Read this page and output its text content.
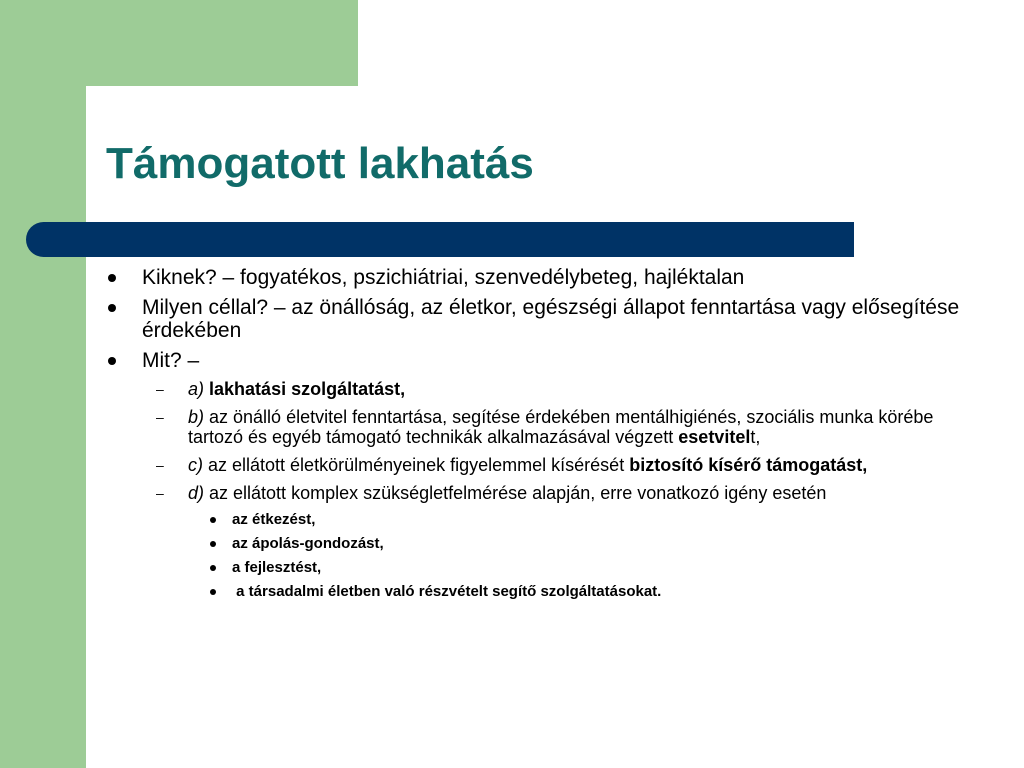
Támogatott lakhatás
Kiknek? – fogyatékos, pszichiátriai, szenvedélybeteg, hajléktalan
Milyen céllal? – az önállóság, az életkor, egészségi állapot fenntartása vagy elősegítése érdekében
Mit? –
– a) lakhatási szolgáltatást,
– b) az önálló életvitel fenntartása, segítése érdekében mentálhigiénés, szociális munka körébe tartozó és egyéb támogató technikák alkalmazásával végzett esetvitelt,
– c) az ellátott életkörülményeinek figyelemmel kísérését biztosító kísérő támogatást,
– d) az ellátott komplex szükségletfelmérése alapján, erre vonatkozó igény esetén
az étkezést,
az ápolás-gondozást,
a fejlesztést,
a társadalmi életben való részvételt segítő szolgáltatásokat.
